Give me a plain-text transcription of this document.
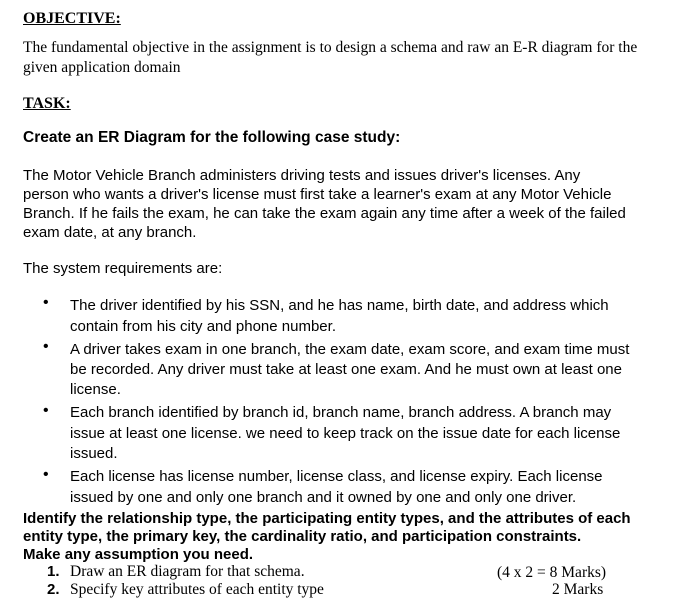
OBJECTIVE:
The fundamental objective in the assignment is to design a schema and raw an E-R diagram for the
given application domain
TASK:
Create an ER Diagram for the following case study:
The Motor Vehicle Branch administers driving tests and issues driver's licenses. Any
person who wants a driver's license must first take a learner's exam at any Motor Vehicle
Branch. If he fails the exam, he can take the exam again any time after a week of the failed
exam date, at any branch.
The system requirements are:
• The driver identified by his SSN, and he has name, birth date, and address which
contain from his city and phone number.
• A driver takes exam in one branch, the exam date, exam score, and exam time must
be recorded. Any driver must take at least one exam. And he must own at least one
license.
• Each branch identified by branch id, branch name, branch address. A branch may
issue at least one license. we need to keep track on the issue date for each license
issued.
• Each license has license number, license class, and license expiry. Each license
issued by one and only one branch and it owned by one and only one driver.
Identify the relationship type, the participating entity types, and the attributes of each
entity type, the primary key, the cardinality ratio, and participation constraints.
Make any assumption you need.
1. Draw an ER diagram for that schema.	(4 x 2 = 8 Marks)
2. Specify key attributes of each entity type	2 Marks
